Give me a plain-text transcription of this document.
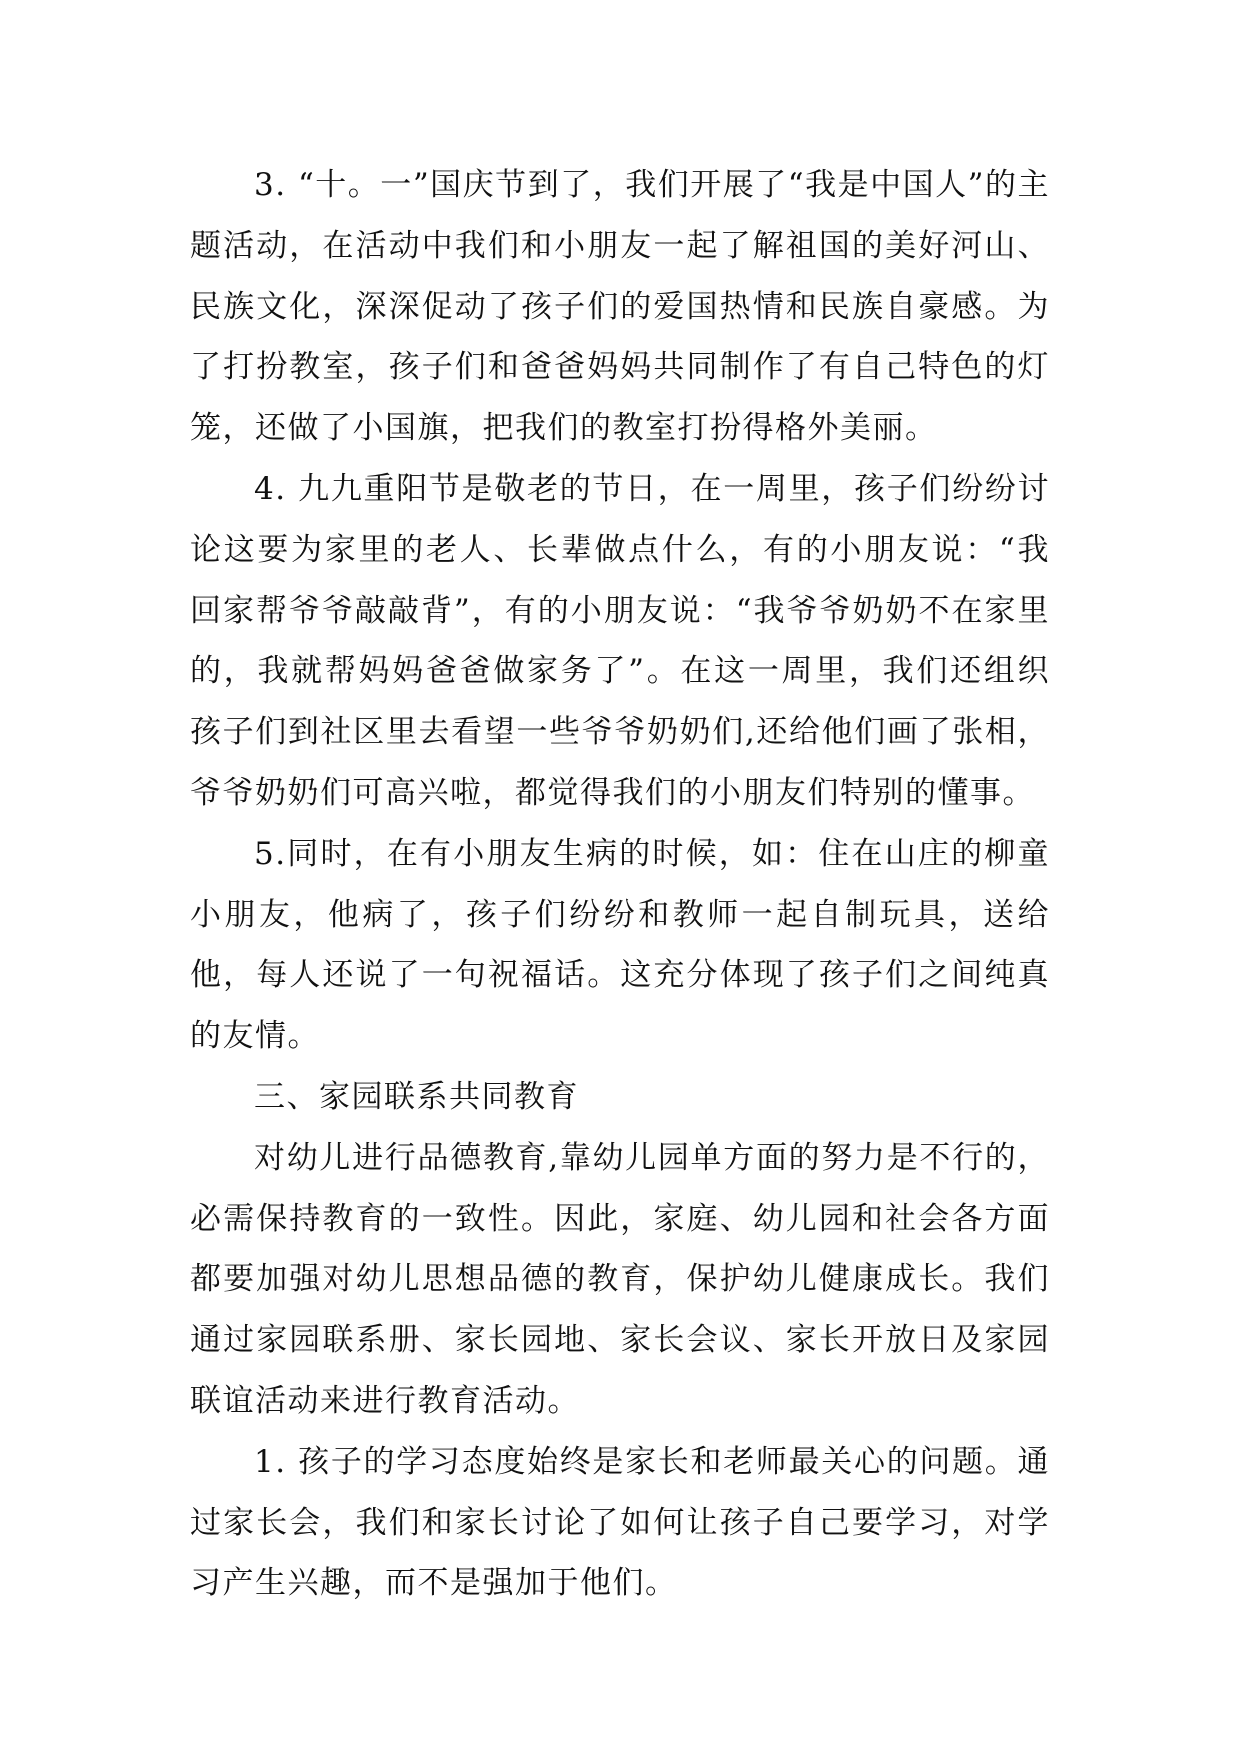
3. “十。一”国庆节到了，我们开展了“我是中国人”的主题活动，在活动中我们和小朋友一起了解祖国的美好河山、民族文化，深深促动了孩子们的爱国热情和民族自豪感。为了打扮教室，孩子们和爸爸妈妈共同制作了有自己特色的灯笼，还做了小国旗，把我们的教室打扮得格外美丽。

4. 九九重阳节是敬老的节日，在一周里，孩子们纷纷讨论这要为家里的老人、长辈做点什么，有的小朋友说：“我回家帮爷爷敲敲背”，有的小朋友说：“我爷爷奶奶不在家里的，我就帮妈妈爸爸做家务了”。在这一周里，我们还组织孩子们到社区里去看望一些爷爷奶奶们,还给他们画了张相，爷爷奶奶们可高兴啦，都觉得我们的小朋友们特别的懂事。

5.同时，在有小朋友生病的时候，如：住在山庄的柳童小朋友，他病了，孩子们纷纷和教师一起自制玩具，送给他，每人还说了一句祝福话。这充分体现了孩子们之间纯真的友情。

三、家园联系共同教育

对幼儿进行品德教育,靠幼儿园单方面的努力是不行的，必需保持教育的一致性。因此，家庭、幼儿园和社会各方面都要加强对幼儿思想品德的教育，保护幼儿健康成长。我们通过家园联系册、家长园地、家长会议、家长开放日及家园联谊活动来进行教育活动。

1. 孩子的学习态度始终是家长和老师最关心的问题。通过家长会，我们和家长讨论了如何让孩子自己要学习，对学习产生兴趣，而不是强加于他们。
